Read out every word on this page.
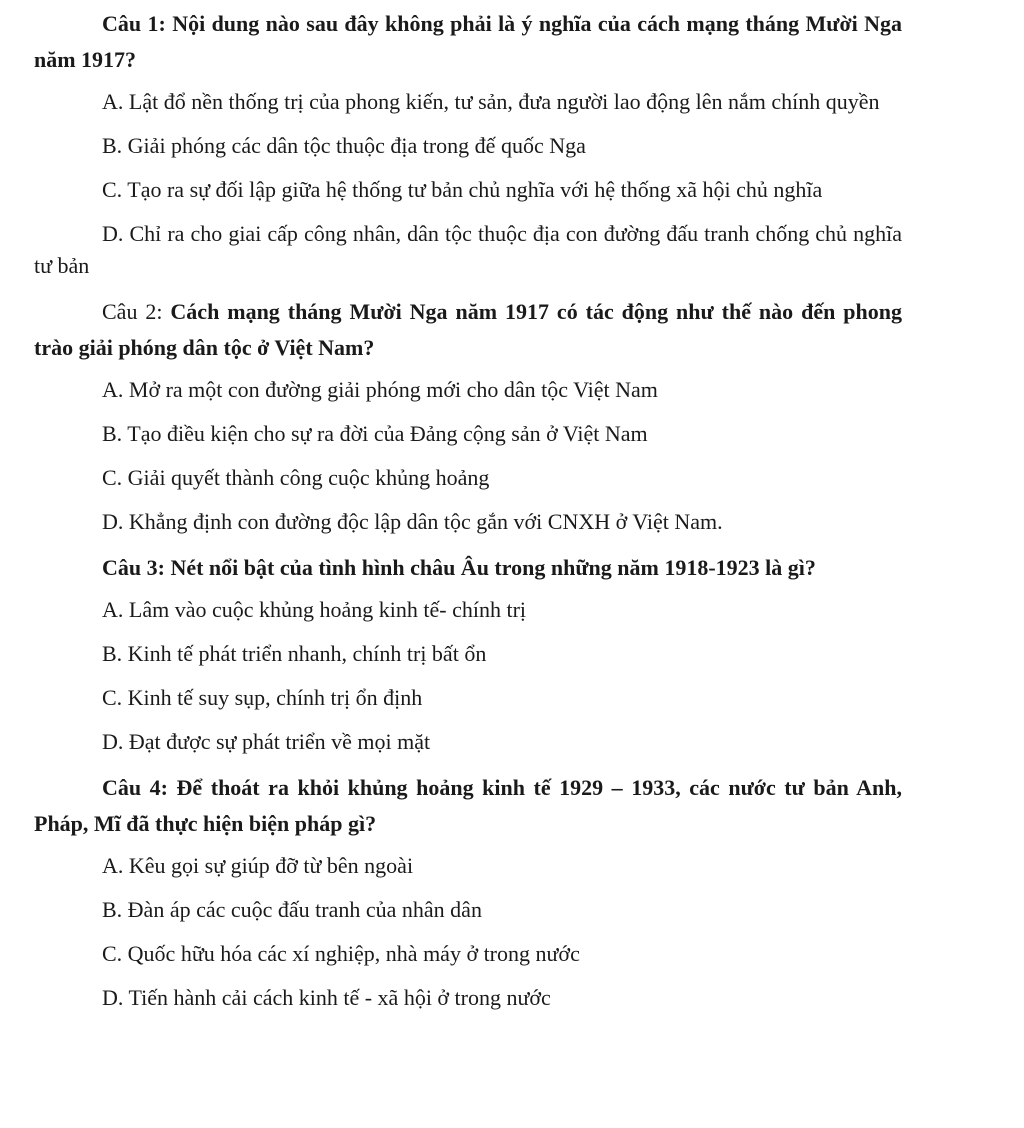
Câu 1: Nội dung nào sau đây không phải là ý nghĩa của cách mạng tháng Mười Nga năm 1917?

A. Lật đổ nền thống trị của phong kiến, tư sản, đưa người lao động lên nắm chính quyền

B. Giải phóng các dân tộc thuộc địa trong đế quốc Nga

C. Tạo ra sự đối lập giữa hệ thống tư bản chủ nghĩa với hệ thống xã hội chủ nghĩa

D. Chỉ ra cho giai cấp công nhân, dân tộc thuộc địa con đường đấu tranh chống chủ nghĩa tư bản

Câu 2: Cách mạng tháng Mười Nga năm 1917 có tác động như thế nào đến phong trào giải phóng dân tộc ở Việt Nam?

A. Mở ra một con đường giải phóng mới cho dân tộc Việt Nam

B. Tạo điều kiện cho sự ra đời của Đảng cộng sản ở Việt Nam

C. Giải quyết thành công cuộc khủng hoảng

D. Khẳng định con đường độc lập dân tộc gắn với CNXH ở Việt Nam.

Câu 3: Nét nổi bật của tình hình châu Âu trong những năm 1918-1923 là gì?

A. Lâm vào cuộc khủng hoảng kinh tế- chính trị

B. Kinh tế phát triển nhanh, chính trị bất ổn

C. Kinh tế suy sụp, chính trị ổn định

D. Đạt được sự phát triển về mọi mặt

Câu 4: Để thoát ra khỏi khủng hoảng kinh tế 1929 – 1933, các nước tư bản Anh, Pháp, Mĩ đã thực hiện biện pháp gì?

A. Kêu gọi sự giúp đỡ từ bên ngoài

B. Đàn áp các cuộc đấu tranh của nhân dân

C. Quốc hữu hóa các xí nghiệp, nhà máy ở trong nước

D. Tiến hành cải cách kinh tế - xã hội ở trong nước
